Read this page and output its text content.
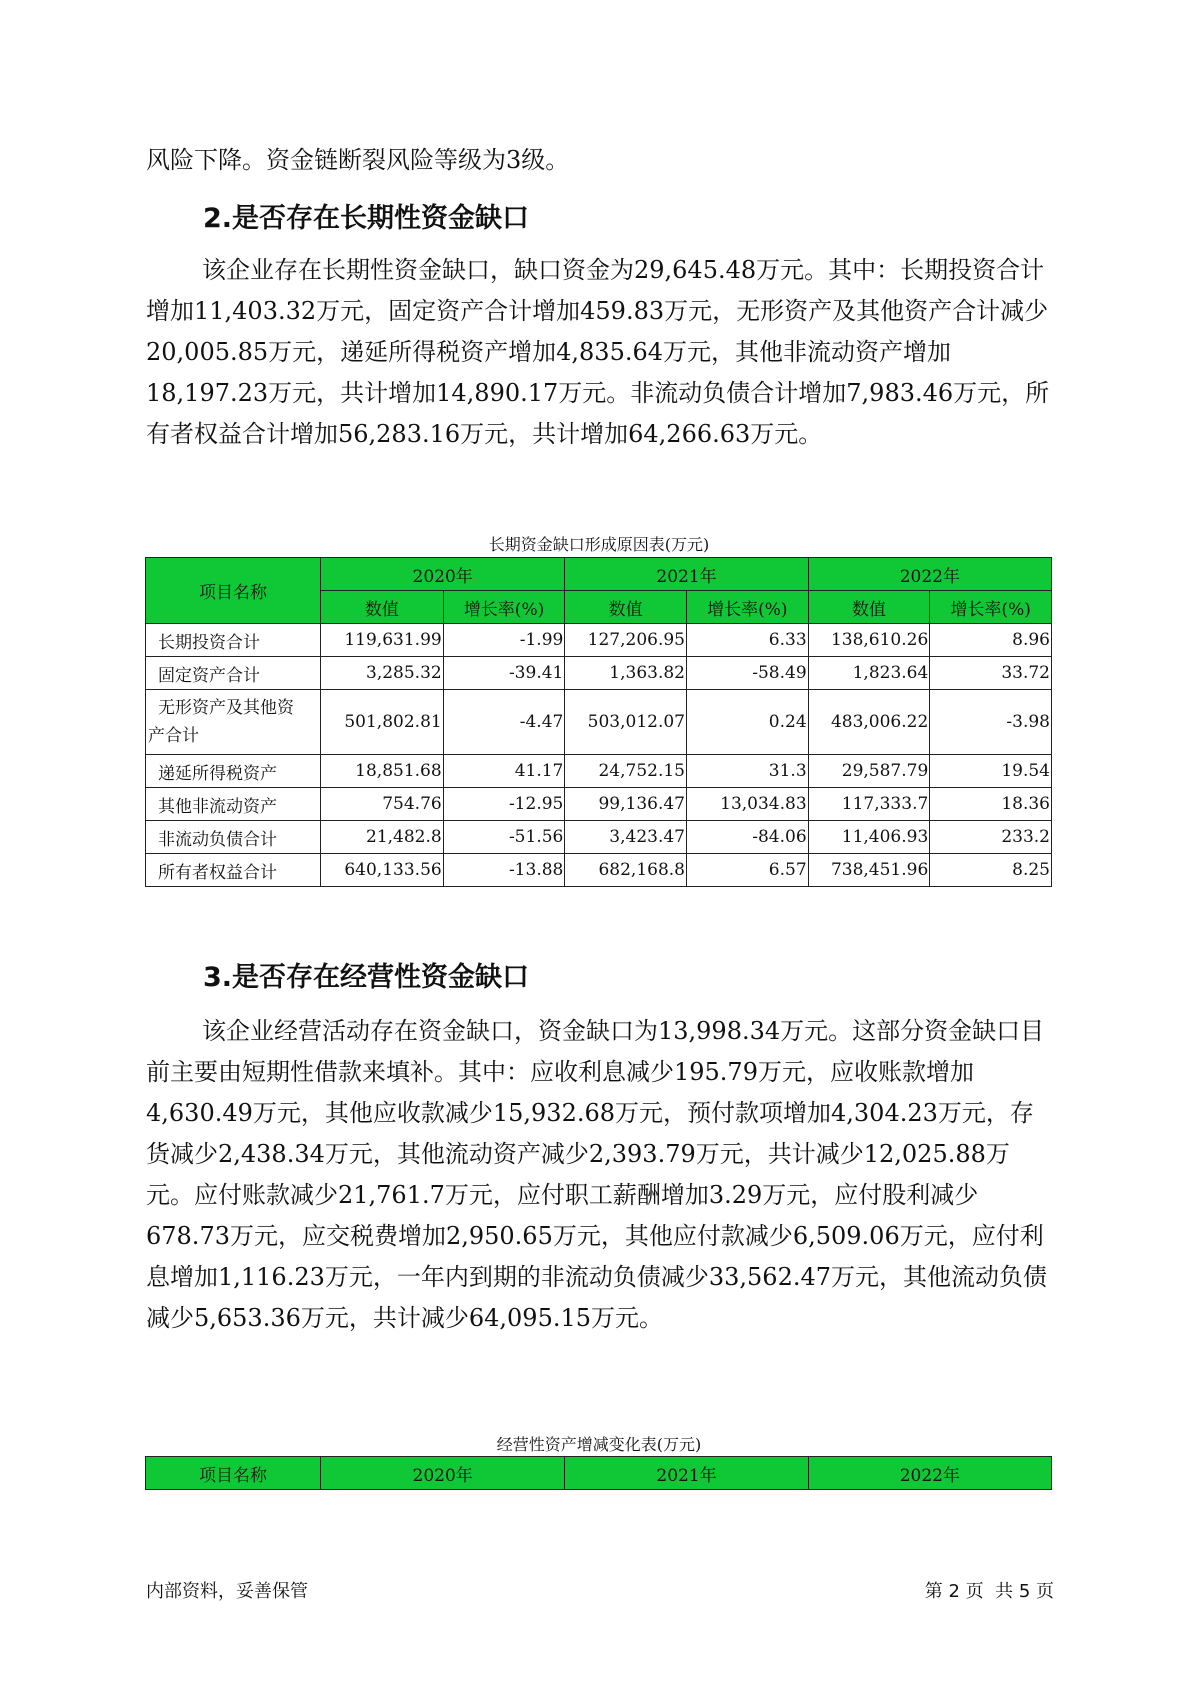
风险下降。资金链断裂风险等级为3级。

2.是否存在长期性资金缺口

该企业存在长期性资金缺口，缺口资金为29,645.48万元。其中：长期投资合计增加11,403.32万元，固定资产合计增加459.83万元，无形资产及其他资产合计减少20,005.85万元，递延所得税资产增加4,835.64万元，其他非流动资产增加18,197.23万元，共计增加14,890.17万元。非流动负债合计增加7,983.46万元，所有者权益合计增加56,283.16万元，共计增加64,266.63万元。

长期资金缺口形成原因表(万元)

项目名称	2020年		2021年		2022年	
	数值	增长率(%)	数值	增长率(%)	数值	增长率(%)
长期投资合计	119,631.99	-1.99	127,206.95	6.33	138,610.26	8.96
固定资产合计	3,285.32	-39.41	1,363.82	-58.49	1,823.64	33.72
无形资产及其他资
产合计	501,802.81	-4.47	503,012.07	0.24	483,006.22	-3.98
递延所得税资产	18,851.68	41.17	24,752.15	31.3	29,587.79	19.54
其他非流动资产	754.76	-12.95	99,136.47	13,034.83	117,333.7	18.36
非流动负债合计	21,482.8	-51.56	3,423.47	-84.06	11,406.93	233.2
所有者权益合计	640,133.56	-13.88	682,168.8	6.57	738,451.96	8.25
3.是否存在经营性资金缺口

该企业经营活动存在资金缺口，资金缺口为13,998.34万元。这部分资金缺口目前主要由短期性借款来填补。其中：应收利息减少195.79万元，应收账款增加4,630.49万元，其他应收款减少15,932.68万元，预付款项增加4,304.23万元，存货减少2,438.34万元，其他流动资产减少2,393.79万元，共计减少12,025.88万元。应付账款减少21,761.7万元，应付职工薪酬增加3.29万元，应付股利减少678.73万元，应交税费增加2,950.65万元，其他应付款减少6,509.06万元，应付利息增加1,116.23万元，一年内到期的非流动负债减少33,562.47万元，其他流动负债减少5,653.36万元，共计减少64,095.15万元。

经营性资产增减变化表(万元)

项目名称	2020年	2021年	2022年

内部资料，妥善保管	第 2 页  共 5 页
